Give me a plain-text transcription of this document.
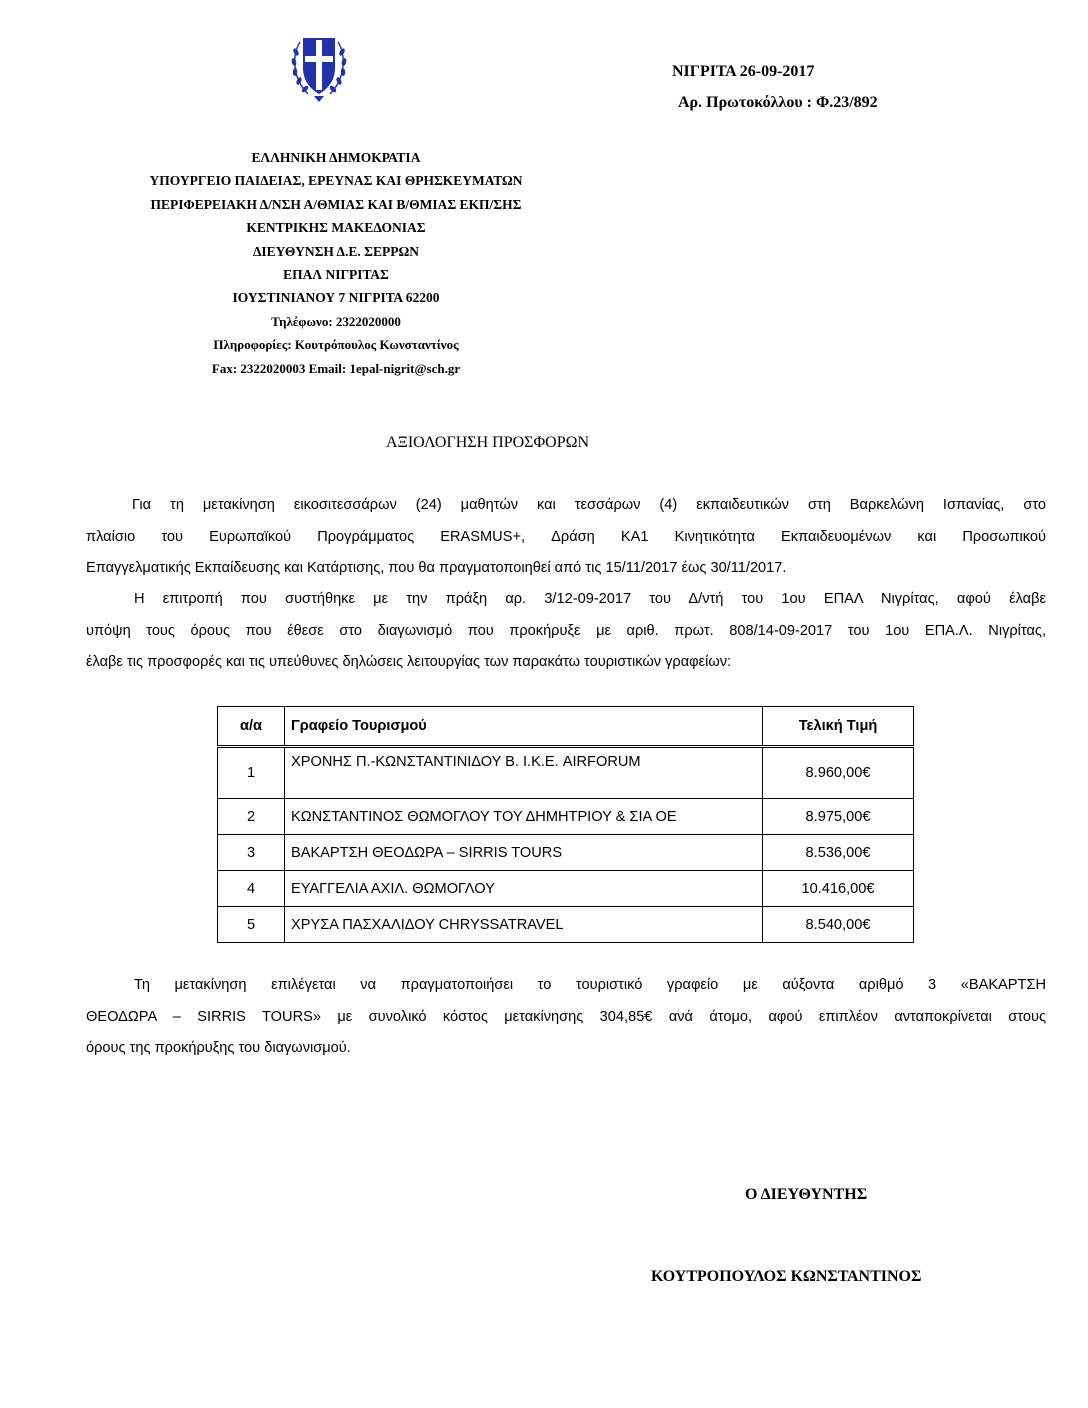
ΝΙΓΡΙΤΑ 26-09-2017
Αρ. Πρωτοκόλλου : Φ.23/892
ΕΛΛΗΝΙΚΗ ΔΗΜΟΚΡΑΤΙΑ
ΥΠΟΥΡΓΕΙΟ ΠΑΙΔΕΙΑΣ, ΕΡΕΥΝΑΣ ΚΑΙ ΘΡΗΣΚΕΥΜΑΤΩΝ
ΠΕΡΙΦΕΡΕΙΑΚΗ Δ/ΝΣΗ Α/ΘΜΙΑΣ ΚΑΙ Β/ΘΜΙΑΣ ΕΚΠ/ΣΗΣ
ΚΕΝΤΡΙΚΗΣ ΜΑΚΕΔΟΝΙΑΣ
ΔΙΕΥΘΥΝΣΗ Δ.Ε. ΣΕΡΡΩΝ
ΕΠΑΛ ΝΙΓΡΙΤΑΣ
ΙΟΥΣΤΙΝΙΑΝΟΥ 7 ΝΙΓΡΙΤΑ 62200
Τηλέφωνο: 2322020000
Πληροφορίες: Κουτρόπουλος Κωνσταντίνος
Fax: 2322020003 Email: 1epal-nigrit@sch.gr
ΑΞΙΟΛΟΓΗΣΗ ΠΡΟΣΦΟΡΩΝ
Για τη μετακίνηση εικοσιτεσσάρων (24) μαθητών και τεσσάρων (4) εκπαιδευτικών στη Βαρκελώνη Ισπανίας, στο
πλαίσιο του Ευρωπαϊκού Προγράμματος ERASMUS+, Δράση ΚΑ1 Κινητικότητα Εκπαιδευομένων και Προσωπικού
Επαγγελματικής Εκπαίδευσης και Κατάρτισης, που θα πραγματοποιηθεί από τις 15/11/2017 έως 30/11/2017.
Η επιτροπή που συστήθηκε με την πράξη αρ. 3/12-09-2017 του Δ/ντή του 1ου ΕΠΑΛ Νιγρίτας, αφού έλαβε
υπόψη τους όρους που έθεσε στο διαγωνισμό που προκήρυξε με αριθ. πρωτ. 808/14-09-2017 του 1ου ΕΠΑ.Λ. Νιγρίτας,
έλαβε τις προσφορές και τις υπεύθυνες δηλώσεις λειτουργίας των παρακάτω τουριστικών γραφείων:
α/α	Γραφείο Τουρισμού	Τελική Τιμή
1	ΧΡΟΝΗΣ Π.-ΚΩΝΣΤΑΝΤΙΝΙΔΟΥ Β. Ι.Κ.Ε. AIRFORUM	8.960,00€
2	ΚΩΝΣΤΑΝΤΙΝΟΣ ΘΩΜΟΓΛΟΥ ΤΟΥ ΔΗΜΗΤΡΙΟΥ & ΣΙΑ ΟΕ	8.975,00€
3	ΒΑΚΑΡΤΣΗ ΘΕΟΔΩΡΑ – SIRRIS TOURS	8.536,00€
4	ΕΥΑΓΓΕΛΙΑ ΑΧΙΛ. ΘΩΜΟΓΛΟΥ	10.416,00€
5	ΧΡΥΣΑ ΠΑΣΧΑΛΙΔΟΥ CHRYSSATRAVEL	8.540,00€
Τη μετακίνηση επιλέγεται να πραγματοποιήσει το τουριστικό γραφείο με αύξοντα αριθμό 3 «ΒΑΚΑΡΤΣΗ
ΘΕΟΔΩΡΑ – SIRRIS TOURS» με συνολικό κόστος μετακίνησης 304,85€ ανά άτομο, αφού επιπλέον ανταποκρίνεται στους
όρους της προκήρυξης του διαγωνισμού.
Ο ΔΙΕΥΘΥΝΤΗΣ
ΚΟΥΤΡΟΠΟΥΛΟΣ ΚΩΝΣΤΑΝΤΙΝΟΣ
